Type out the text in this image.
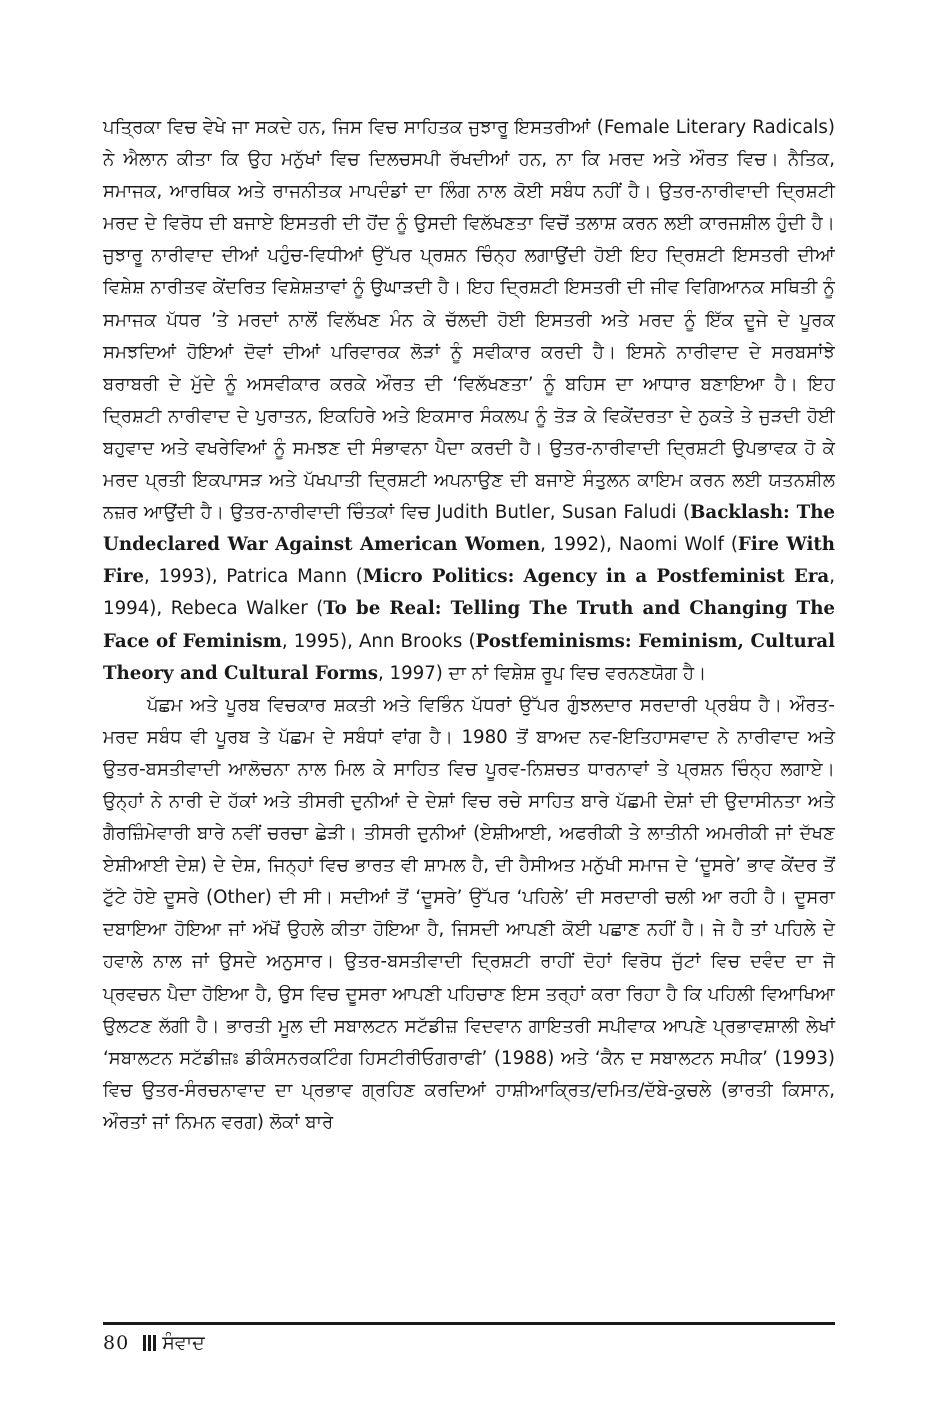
ਪਤ੍ਰਿਕਾ ਵਿਚ ਵੇਖੇ ਜਾ ਸਕਦੇ ਹਨ, ਜਿਸ ਵਿਚ ਸਾਹਿਤਕ ਜੁਝਾਰੂ ਇਸਤਰੀਆਂ (Female Literary Radicals) ਨੇ ਐਲਾਨ ਕੀਤਾ ਕਿ ਉਹ ਮਨੁੱਖਾਂ ਵਿਚ ਦਿਲਚਸਪੀ ਰੱਖਦੀਆਂ ਹਨ, ਨਾ ਕਿ ਮਰਦ ਅਤੇ ਔਰਤ ਵਿਚ। ਨੈਤਿਕ, ਸਮਾਜਕ, ਆਰਥਿਕ ਅਤੇ ਰਾਜਨੀਤਕ ਮਾਪਦੰਡਾਂ ਦਾ ਲਿੰਗ ਨਾਲ ਕੋਈ ਸਬੰਧ ਨਹੀਂ ਹੈ। ਉਤਰ-ਨਾਰੀਵਾਦੀ ਦ੍ਰਿਸ਼ਟੀ ਮਰਦ ਦੇ ਵਿਰੋਧ ਦੀ ਬਜਾਏ ਇਸਤਰੀ ਦੀ ਹੋਂਦ ਨੂੰ ਉਸਦੀ ਵਿਲੱਖਣਤਾ ਵਿਚੋਂ ਤਲਾਸ਼ ਕਰਨ ਲਈ ਕਾਰਜਸ਼ੀਲ ਹੁੰਦੀ ਹੈ। ਜੁਝਾਰੂ ਨਾਰੀਵਾਦ ਦੀਆਂ ਪਹੁੰਚ-ਵਿਧੀਆਂ ਉੱਪਰ ਪ੍ਰਸ਼ਨ ਚਿੰਨ੍ਹ ਲਗਾਉਂਦੀ ਹੋਈ ਇਹ ਦ੍ਰਿਸ਼ਟੀ ਇਸਤਰੀ ਦੀਆਂ ਵਿਸ਼ੇਸ਼ ਨਾਰੀਤਵ ਕੇਂਦਰਿਤ ਵਿਸ਼ੇਸ਼ਤਾਵਾਂ ਨੂੰ ਉਘਾੜਦੀ ਹੈ। ਇਹ ਦ੍ਰਿਸ਼ਟੀ ਇਸਤਰੀ ਦੀ ਜੀਵ ਵਿਗਿਆਨਕ ਸਥਿਤੀ ਨੂੰ ਸਮਾਜਕ ਪੱਧਰ ’ਤੇ ਮਰਦਾਂ ਨਾਲੋਂ ਵਿਲੱਖਣ ਮੰਨ ਕੇ ਚੱਲਦੀ ਹੋਈ ਇਸਤਰੀ ਅਤੇ ਮਰਦ ਨੂੰ ਇੱਕ ਦੂਜੇ ਦੇ ਪੂਰਕ ਸਮਝਦਿਆਂ ਹੋਇਆਂ ਦੋਵਾਂ ਦੀਆਂ ਪਰਿਵਾਰਕ ਲੋੜਾਂ ਨੂੰ ਸਵੀਕਾਰ ਕਰਦੀ ਹੈ। ਇਸਨੇ ਨਾਰੀਵਾਦ ਦੇ ਸਰਬਸਾਂਝੇ ਬਰਾਬਰੀ ਦੇ ਮੁੱਦੇ ਨੂੰ ਅਸਵੀਕਾਰ ਕਰਕੇ ਔਰਤ ਦੀ ‘ਵਿਲੱਖਣਤਾ’ ਨੂੰ ਬਹਿਸ ਦਾ ਆਧਾਰ ਬਣਾਇਆ ਹੈ। ਇਹ ਦ੍ਰਿਸ਼ਟੀ ਨਾਰੀਵਾਦ ਦੇ ਪੁਰਾਤਨ, ਇਕਹਿਰੇ ਅਤੇ ਇਕਸਾਰ ਸੰਕਲਪ ਨੂੰ ਤੋੜ ਕੇ ਵਿਕੇਂਦਰਤਾ ਦੇ ਨੁਕਤੇ ਤੇ ਜੁੜਦੀ ਹੋਈ ਬਹੁਵਾਦ ਅਤੇ ਵਖਰੇਵਿਆਂ ਨੂੰ ਸਮਝਣ ਦੀ ਸੰਭਾਵਨਾ ਪੈਦਾ ਕਰਦੀ ਹੈ। ਉਤਰ-ਨਾਰੀਵਾਦੀ ਦ੍ਰਿਸ਼ਟੀ ਉਪਭਾਵਕ ਹੋ ਕੇ ਮਰਦ ਪ੍ਰਤੀ ਇਕਪਾਸੜ ਅਤੇ ਪੱਖਪਾਤੀ ਦ੍ਰਿਸ਼ਟੀ ਅਪਨਾਉਣ ਦੀ ਬਜਾਏ ਸੰਤੁਲਨ ਕਾਇਮ ਕਰਨ ਲਈ ਯਤਨਸ਼ੀਲ ਨਜ਼ਰ ਆਉਂਦੀ ਹੈ। ਉਤਰ-ਨਾਰੀਵਾਦੀ ਚਿੰਤਕਾਂ ਵਿਚ Judith Butler, Susan Faludi (Backlash: The Undeclared War Against American Women, 1992), Naomi Wolf (Fire With Fire, 1993), Patrica Mann (Micro Politics: Agency in a Postfeminist Era, 1994), Rebeca Walker (To be Real: Telling The Truth and Changing The Face of Feminism, 1995), Ann Brooks (Postfeminisms: Feminism, Cultural Theory and Cultural Forms, 1997) ਦਾ ਨਾਂ ਵਿਸ਼ੇਸ਼ ਰੂਪ ਵਿਚ ਵਰਨਣਯੋਗ ਹੈ।

ਪੱਛਮ ਅਤੇ ਪੂਰਬ ਵਿਚਕਾਰ ਸ਼ਕਤੀ ਅਤੇ ਵਿਭਿੰਨ ਪੱਧਰਾਂ ਉੱਪਰ ਗੁੰਝਲਦਾਰ ਸਰਦਾਰੀ ਪ੍ਰਬੰਧ ਹੈ। ਔਰਤ-ਮਰਦ ਸਬੰਧ ਵੀ ਪੂਰਬ ਤੇ ਪੱਛਮ ਦੇ ਸਬੰਧਾਂ ਵਾਂਗ ਹੈ। 1980 ਤੋਂ ਬਾਅਦ ਨਵ-ਇਤਿਹਾਸਵਾਦ ਨੇ ਨਾਰੀਵਾਦ ਅਤੇ ਉਤਰ-ਬਸਤੀਵਾਦੀ ਆਲੋਚਨਾ ਨਾਲ ਮਿਲ ਕੇ ਸਾਹਿਤ ਵਿਚ ਪੂਰਵ-ਨਿਸ਼ਚਤ ਧਾਰਨਾਵਾਂ ਤੇ ਪ੍ਰਸ਼ਨ ਚਿੰਨ੍ਹ ਲਗਾਏ। ਉਨ੍ਹਾਂ ਨੇ ਨਾਰੀ ਦੇ ਹੱਕਾਂ ਅਤੇ ਤੀਸਰੀ ਦੁਨੀਆਂ ਦੇ ਦੇਸ਼ਾਂ ਵਿਚ ਰਚੇ ਸਾਹਿਤ ਬਾਰੇ ਪੱਛਮੀ ਦੇਸ਼ਾਂ ਦੀ ਉਦਾਸੀਨਤਾ ਅਤੇ ਗੈਰਜ਼ਿੰਮੇਵਾਰੀ ਬਾਰੇ ਨਵੀਂ ਚਰਚਾ ਛੇੜੀ। ਤੀਸਰੀ ਦੁਨੀਆਂ (ਏਸ਼ੀਆਈ, ਅਫਰੀਕੀ ਤੇ ਲਾਤੀਨੀ ਅਮਰੀਕੀ ਜਾਂ ਦੱਖਣ ਏਸ਼ੀਆਈ ਦੇਸ਼) ਦੇ ਦੇਸ਼, ਜਿਨ੍ਹਾਂ ਵਿਚ ਭਾਰਤ ਵੀ ਸ਼ਾਮਲ ਹੈ, ਦੀ ਹੈਸੀਅਤ ਮਨੁੱਖੀ ਸਮਾਜ ਦੇ ‘ਦੂਸਰੇ’ ਭਾਵ ਕੇਂਦਰ ਤੋਂ ਟੁੱਟੇ ਹੋਏ ਦੂਸਰੇ (Other) ਦੀ ਸੀ। ਸਦੀਆਂ ਤੋਂ ‘ਦੂਸਰੇ’ ਉੱਪਰ ‘ਪਹਿਲੇ’ ਦੀ ਸਰਦਾਰੀ ਚਲੀ ਆ ਰਹੀ ਹੈ। ਦੂਸਰਾ ਦਬਾਇਆ ਹੋਇਆ ਜਾਂ ਅੱਖੋਂ ਉਹਲੇ ਕੀਤਾ ਹੋਇਆ ਹੈ, ਜਿਸਦੀ ਆਪਣੀ ਕੋਈ ਪਛਾਣ ਨਹੀਂ ਹੈ। ਜੇ ਹੈ ਤਾਂ ਪਹਿਲੇ ਦੇ ਹਵਾਲੇ ਨਾਲ ਜਾਂ ਉਸਦੇ ਅਨੁਸਾਰ। ਉਤਰ-ਬਸਤੀਵਾਦੀ ਦ੍ਰਿਸ਼ਟੀ ਰਾਹੀਂ ਦੋਹਾਂ ਵਿਰੋਧ ਜੁੱਟਾਂ ਵਿਚ ਦਵੰਦ ਦਾ ਜੋ ਪ੍ਰਵਚਨ ਪੈਦਾ ਹੋਇਆ ਹੈ, ਉਸ ਵਿਚ ਦੂਸਰਾ ਆਪਣੀ ਪਹਿਚਾਣ ਇਸ ਤਰ੍ਹਾਂ ਕਰਾ ਰਿਹਾ ਹੈ ਕਿ ਪਹਿਲੀ ਵਿਆਖਿਆ ਉਲਟਣ ਲੱਗੀ ਹੈ। ਭਾਰਤੀ ਮੂਲ ਦੀ ਸਬਾਲਟਨ ਸਟੱਡੀਜ਼ ਵਿਦਵਾਨ ਗਾਇਤਰੀ ਸਪੀਵਾਕ ਆਪਣੇ ਪ੍ਰਭਾਵਸ਼ਾਲੀ ਲੇਖਾਂ ‘ਸਬਾਲਟਨ ਸਟੱਡੀਜ਼ਃ ਡੀਕੰਸਨਰਕਟਿੰਗ ਹਿਸਟੀਰੀਓਗਰਾਫੀ’ (1988) ਅਤੇ ‘ਕੈਨ ਦ ਸਬਾਲਟਨ ਸਪੀਕ’ (1993) ਵਿਚ ਉਤਰ-ਸੰਰਚਨਾਵਾਦ ਦਾ ਪ੍ਰਭਾਵ ਗ੍ਰਹਿਣ ਕਰਦਿਆਂ ਹਾਸ਼ੀਆਕ੍ਰਿਤ/ਦਮਿਤ/ਦੱਬੇ-ਕੁਚਲੇ (ਭਾਰਤੀ ਕਿਸਾਨ, ਔਰਤਾਂ ਜਾਂ ਨਿਮਨ ਵਰਗ) ਲੋਕਾਂ ਬਾਰੇ

80 ਸੰਵਾਦ
